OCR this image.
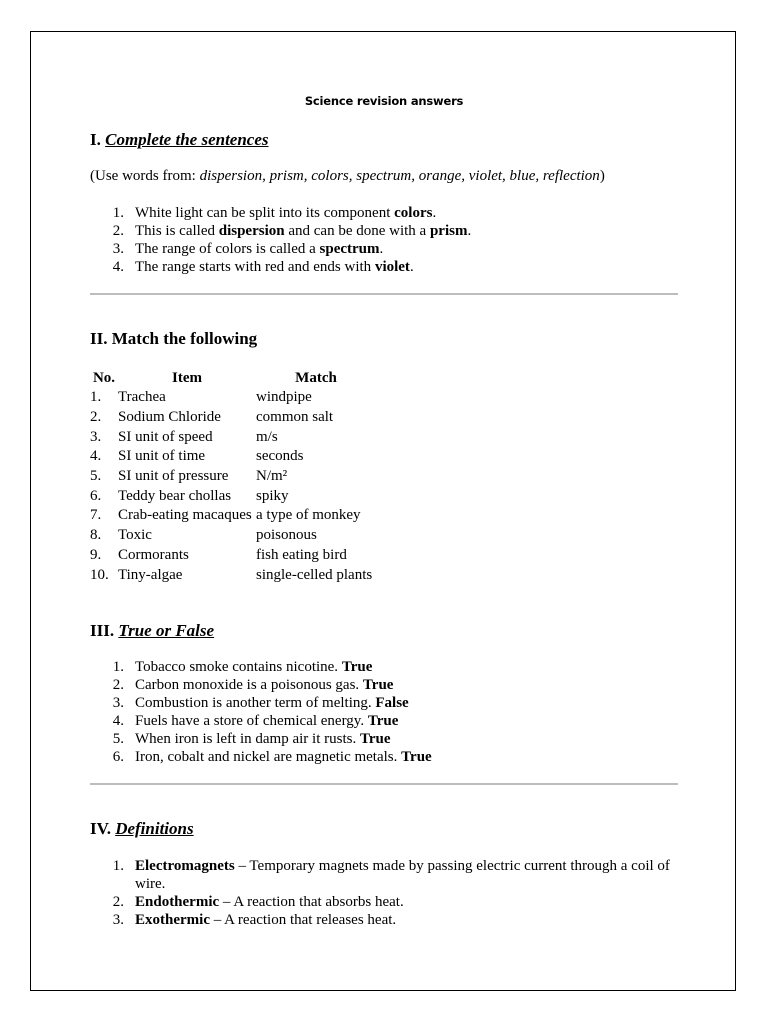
Science revision answers
I. Complete the sentences

(Use words from: dispersion, prism, colors, spectrum, orange, violet, blue, reflection)

1. White light can be split into its component colors.
2. This is called dispersion and can be done with a prism.
3. The range of colors is called a spectrum.
4. The range starts with red and ends with violet.
II. Match the following
No.	Item	Match
1.	Trachea	windpipe
2.	Sodium Chloride	common salt
3.	SI unit of speed	m/s
4.	SI unit of time	seconds
5.	SI unit of pressure	N/m²
6.	Teddy bear chollas	spiky
7.	Crab-eating macaques	a type of monkey
8.	Toxic	poisonous
9.	Cormorants	fish eating bird
10.	Tiny-algae	single-celled plants
III. True or False
1. Tobacco smoke contains nicotine. True
2. Carbon monoxide is a poisonous gas. True
3. Combustion is another term of melting. False
4. Fuels have a store of chemical energy. True
5. When iron is left in damp air it rusts. True
6. Iron, cobalt and nickel are magnetic metals. True
IV. Definitions
1. Electromagnets – Temporary magnets made by passing electric current through a coil of wire.
2. Endothermic – A reaction that absorbs heat.
3. Exothermic – A reaction that releases heat.
